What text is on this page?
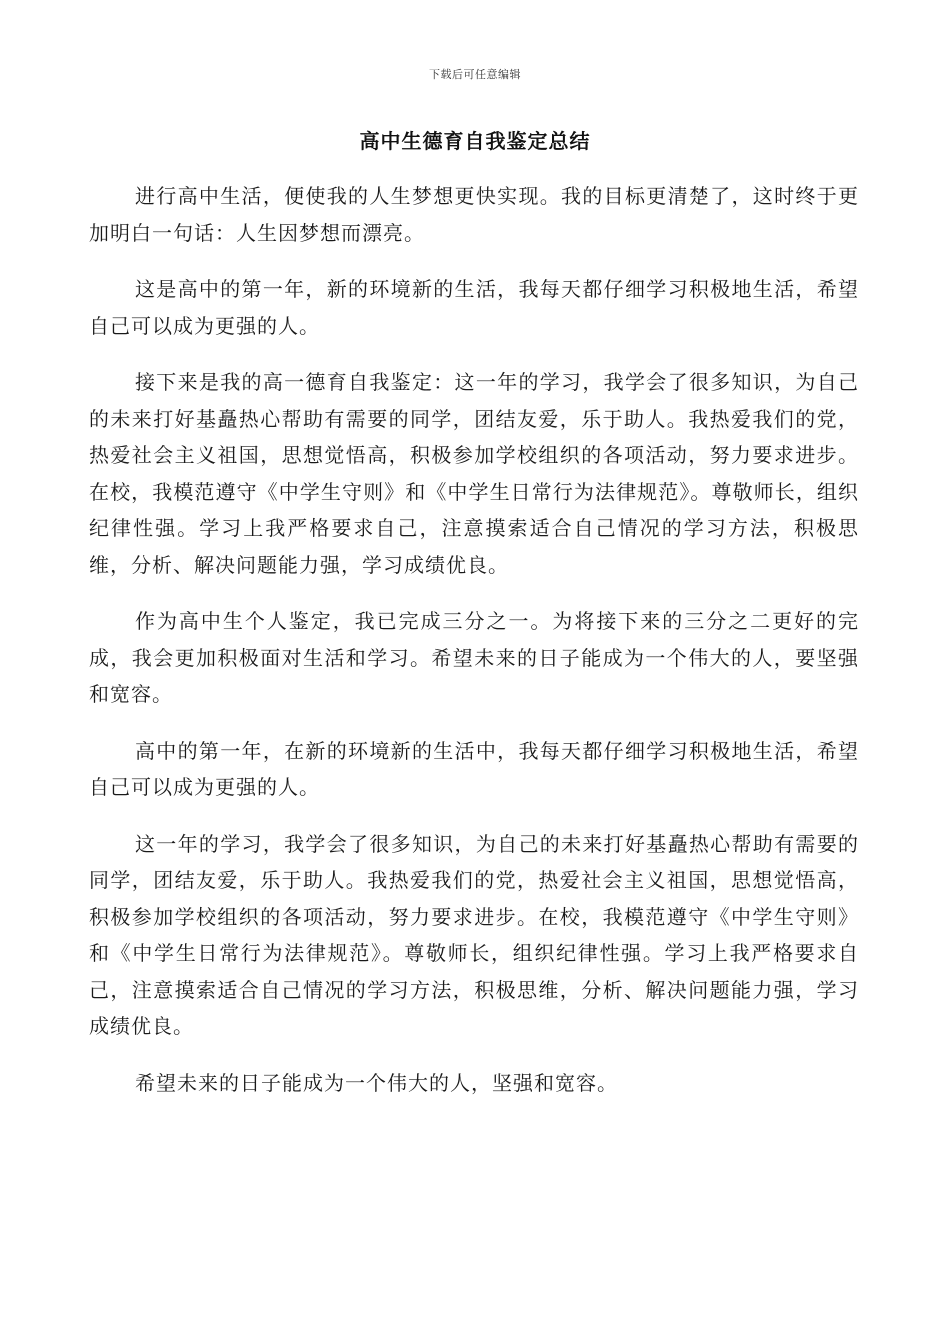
下载后可任意编辑
高中生德育自我鉴定总结

进行高中生活，便使我的人生梦想更快实现。我的目标更清楚了，这时终于更加明白一句话：人生因梦想而漂亮。

这是高中的第一年，新的环境新的生活，我每天都仔细学习积极地生活，希望自己可以成为更强的人。

接下来是我的高一德育自我鉴定：这一年的学习，我学会了很多知识，为自己的未来打好基矗热心帮助有需要的同学，团结友爱，乐于助人。我热爱我们的党，热爱社会主义祖国，思想觉悟高，积极参加学校组织的各项活动，努力要求进步。在校，我模范遵守《中学生守则》和《中学生日常行为法律规范》。尊敬师长，组织纪律性强。学习上我严格要求自己，注意摸索适合自己情况的学习方法，积极思维，分析、解决问题能力强，学习成绩优良。

作为高中生个人鉴定，我已完成三分之一。为将接下来的三分之二更好的完成，我会更加积极面对生活和学习。希望未来的日子能成为一个伟大的人，要坚强和宽容。

高中的第一年，在新的环境新的生活中，我每天都仔细学习积极地生活，希望自己可以成为更强的人。

这一年的学习，我学会了很多知识，为自己的未来打好基矗热心帮助有需要的同学，团结友爱，乐于助人。我热爱我们的党，热爱社会主义祖国，思想觉悟高，积极参加学校组织的各项活动，努力要求进步。在校，我模范遵守《中学生守则》和《中学生日常行为法律规范》。尊敬师长，组织纪律性强。学习上我严格要求自己，注意摸索适合自己情况的学习方法，积极思维，分析、解决问题能力强，学习成绩优良。

希望未来的日子能成为一个伟大的人，坚强和宽容。
